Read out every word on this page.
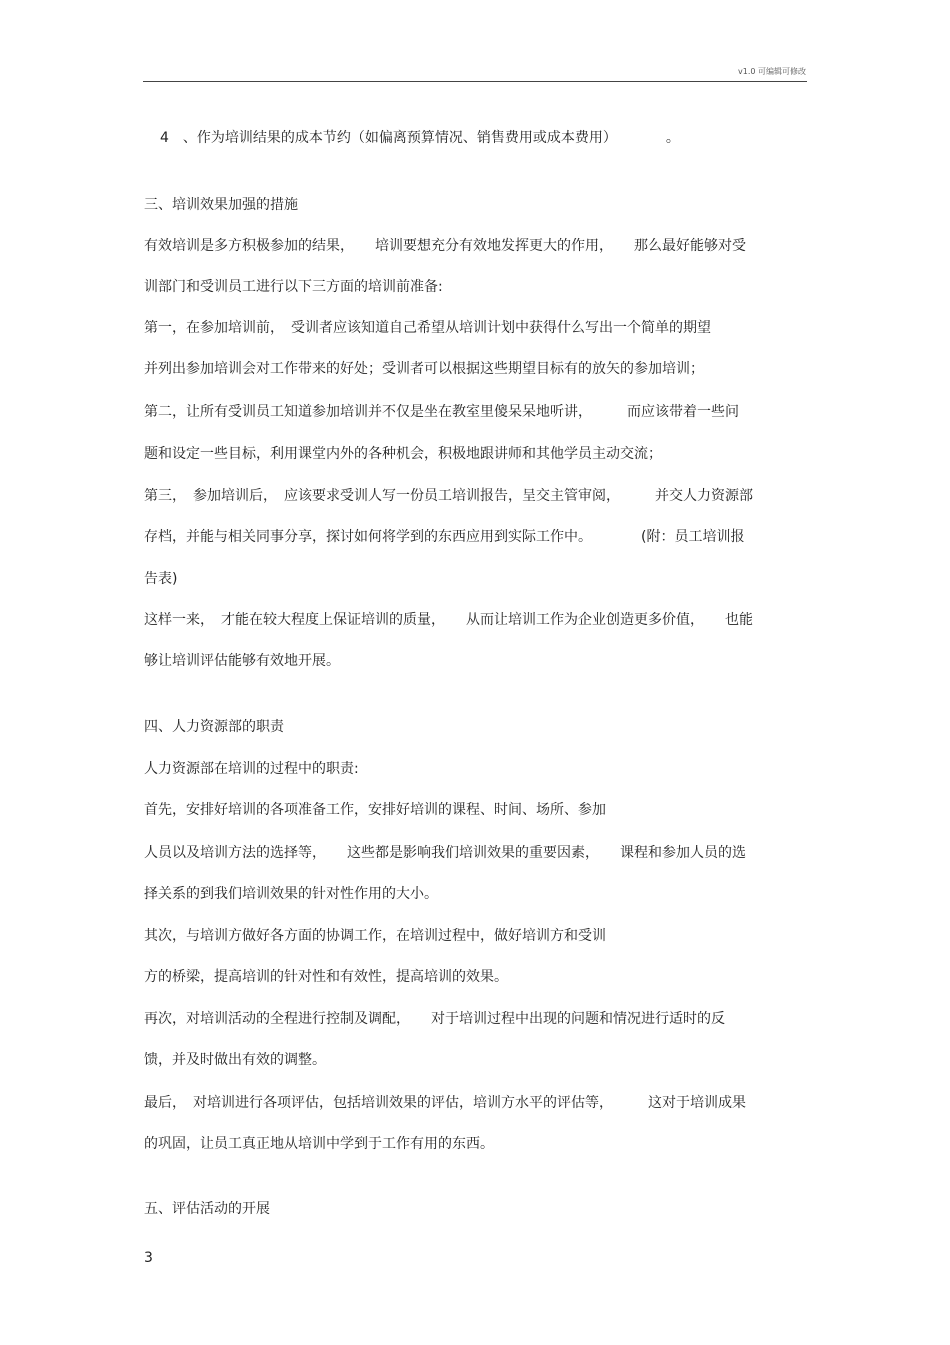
v1.0 可编辑可修改
4　、作为培训结果的成本节约（如偏离预算情况、销售费用或成本费用）　　　　。
三、培训效果加强的措施
有效培训是多方积极参加的结果，　　培训要想充分有效地发挥更大的作用，　　那么最好能够对受
训部门和受训员工进行以下三方面的培训前准备:
第一，在参加培训前，　受训者应该知道自己希望从培训计划中获得什么写出一个简单的期望
并列出参加培训会对工作带来的好处；受训者可以根据这些期望目标有的放矢的参加培训；
第二，让所有受训员工知道参加培训并不仅是坐在教室里傻呆呆地听讲，　　　而应该带着一些问
题和设定一些目标，利用课堂内外的各种机会，积极地跟讲师和其他学员主动交流；
第三，　参加培训后，　应该要求受训人写一份员工培训报告，呈交主管审阅，　　　并交人力资源部
存档，并能与相关同事分享，探讨如何将学到的东西应用到实际工作中。　　　　(附：员工培训报
告表)
这样一来，　才能在较大程度上保证培训的质量，　　从而让培训工作为企业创造更多价值，　　也能
够让培训评估能够有效地开展。
四、人力资源部的职责
人力资源部在培训的过程中的职责:
首先，安排好培训的各项准备工作，安排好培训的课程、时间、场所、参加
人员以及培训方法的选择等，　　这些都是影响我们培训效果的重要因素，　　课程和参加人员的选
择关系的到我们培训效果的针对性作用的大小。
其次，与培训方做好各方面的协调工作，在培训过程中，做好培训方和受训
方的桥梁，提高培训的针对性和有效性，提高培训的效果。
再次，对培训活动的全程进行控制及调配，　　对于培训过程中出现的问题和情况进行适时的反
馈，并及时做出有效的调整。
最后，　对培训进行各项评估，包括培训效果的评估，培训方水平的评估等，　　　这对于培训成果
的巩固，让员工真正地从培训中学到于工作有用的东西。
五、评估活动的开展
3
